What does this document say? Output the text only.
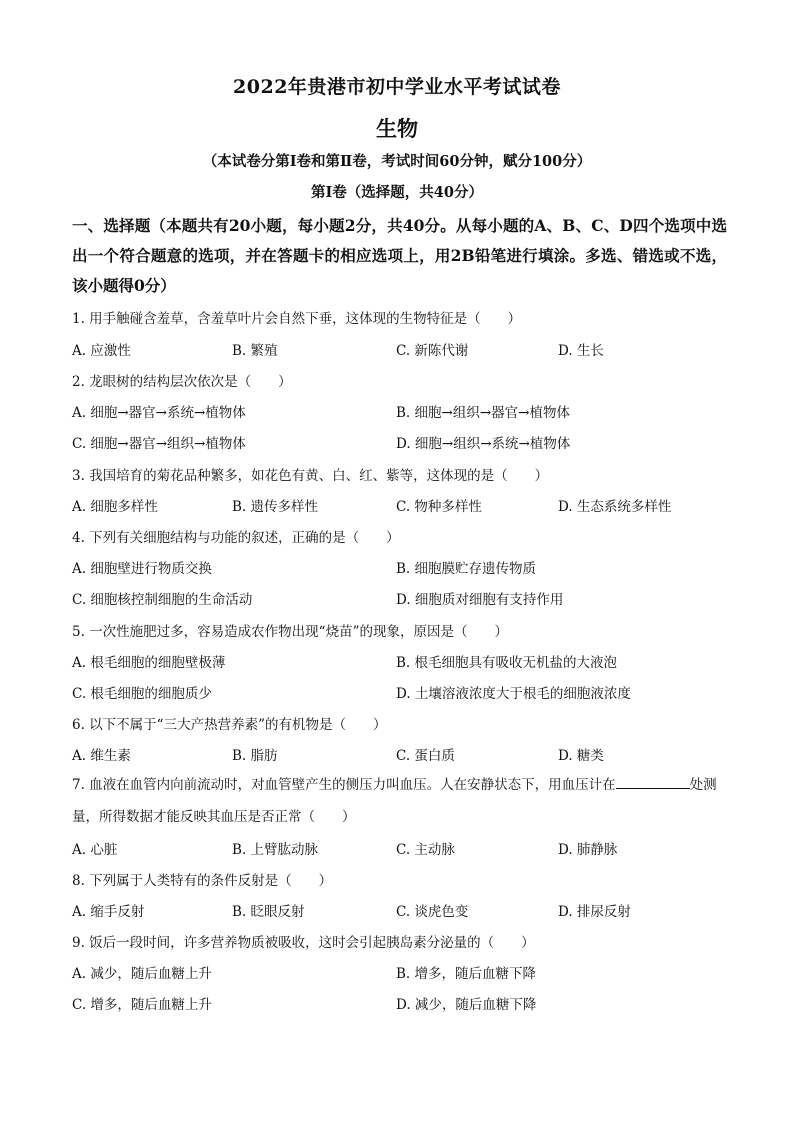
2022年贵港市初中学业水平考试试卷
生物
（本试卷分第Ⅰ卷和第Ⅱ卷，考试时间60分钟，赋分100分）
第Ⅰ卷（选择题，共40分）
一、选择题（本题共有20小题，每小题2分，共40分。从每小题的A、B、C、D四个选项中选出一个符合题意的选项，并在答题卡的相应选项上，用2B铅笔进行填涂。多选、错选或不选，该小题得0分）
1. 用手触碰含羞草，含羞草叶片会自然下垂，这体现的生物特征是（　　）
A. 应激性	B. 繁殖	C. 新陈代谢	D. 生长
2. 龙眼树的结构层次依次是（　　）
A. 细胞→器官→系统→植物体	B. 细胞→组织→器官→植物体
C. 细胞→器官→组织→植物体	D. 细胞→组织→系统→植物体
3. 我国培育的菊花品种繁多，如花色有黄、白、红、紫等，这体现的是（　　）
A. 细胞多样性	B. 遗传多样性	C. 物种多样性	D. 生态系统多样性
4. 下列有关细胞结构与功能的叙述，正确的是（　　）
A. 细胞壁进行物质交换	B. 细胞膜贮存遗传物质
C. 细胞核控制细胞的生命活动	D. 细胞质对细胞有支持作用
5. 一次性施肥过多，容易造成农作物出现“烧苗”的现象，原因是（　　）
A. 根毛细胞的细胞壁极薄	B. 根毛细胞具有吸收无机盐的大液泡
C. 根毛细胞的细胞质少	D. 土壤溶液浓度大于根毛的细胞液浓度
6. 以下不属于“三大产热营养素”的有机物是（　　）
A. 维生素	B. 脂肪	C. 蛋白质	D. 糖类
7. 血液在血管内向前流动时，对血管壁产生的侧压力叫血压。人在安静状态下，用血压计在	处测量，所得数据才能反映其血压是否正常（　　）
A. 心脏	B. 上臂肱动脉	C. 主动脉	D. 肺静脉
8. 下列属于人类特有的条件反射是（　　）
A. 缩手反射	B. 眨眼反射	C. 谈虎色变	D. 排尿反射
9. 饭后一段时间，许多营养物质被吸收，这时会引起胰岛素分泌量的（　　）
A. 减少，随后血糖上升	B. 增多，随后血糖下降
C. 增多，随后血糖上升	D. 减少，随后血糖下降
